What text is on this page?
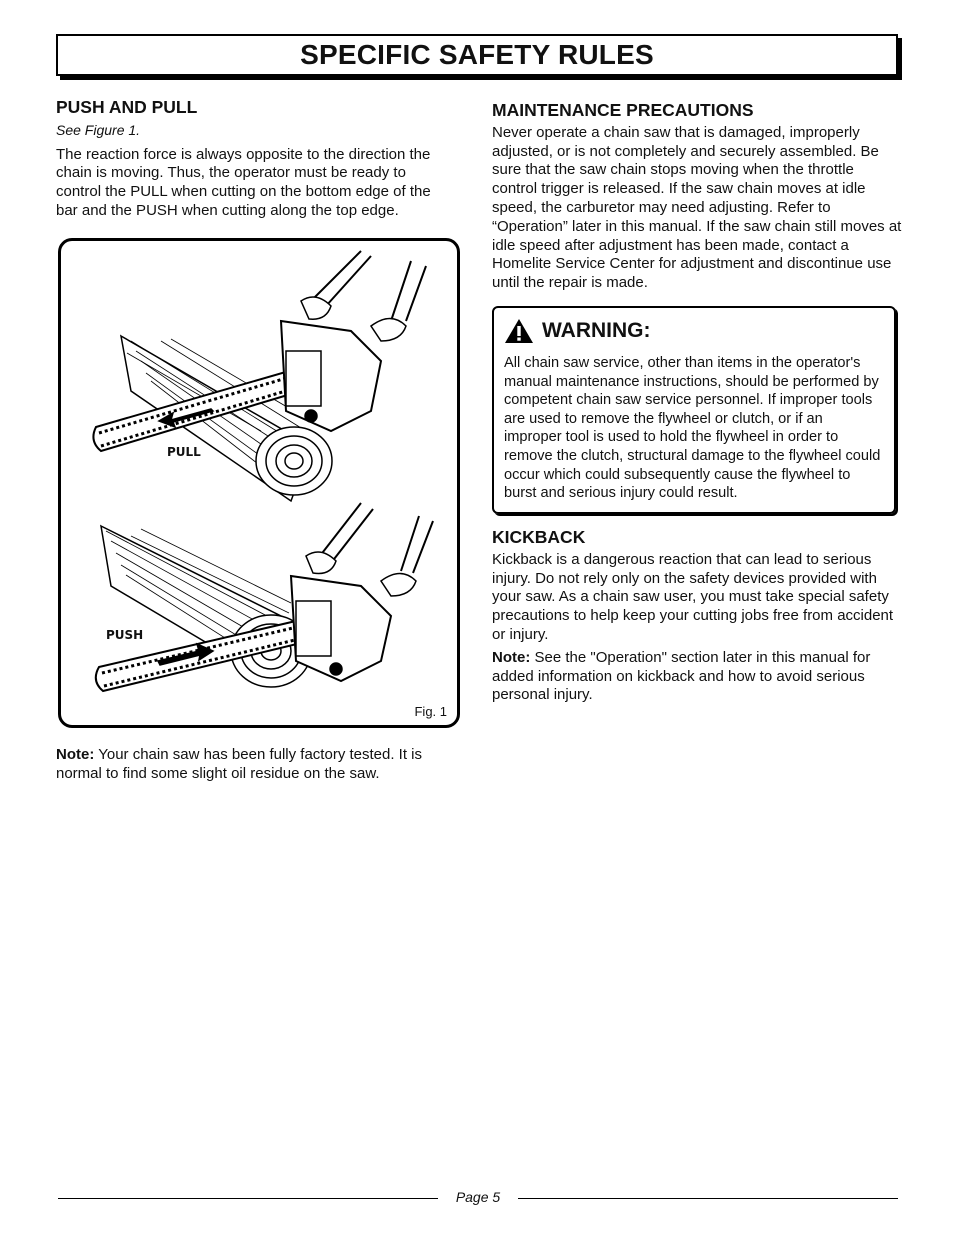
SPECIFIC SAFETY RULES
PUSH AND PULL

See Figure 1.

The reaction force is always opposite to the direction the chain is moving. Thus, the operator must be ready to control the PULL when cutting on the bottom edge of the bar and the PUSH when cutting along the top edge.

PULL
PUSH
Fig. 1
Note: Your chain saw has been fully factory tested. It is normal to find some slight oil residue on the saw.
MAINTENANCE PRECAUTIONS

Never operate a chain saw that is damaged, improperly adjusted, or is not completely and securely assembled. Be sure that the saw chain stops moving when the throttle control trigger is released. If the saw chain moves at idle speed, the carburetor may need adjusting. Refer to “Operation” later in this manual. If the saw chain still moves at idle speed after adjustment has been made, contact a Homelite Service Center for adjustment and discontinue use until the repair is made.

WARNING:

All chain saw service, other than items in the operator's manual maintenance instructions, should be performed by competent chain saw service personnel. If improper tools are used to remove the flywheel or clutch, or if an improper tool is used to hold the flywheel in order to remove the clutch, structural damage to the flywheel could occur which could subsequently cause the flywheel to burst and serious injury could result.

KICKBACK

Kickback is a dangerous reaction that can lead to serious injury. Do not rely only on the safety devices provided with your saw. As a chain saw user, you must take special safety precautions to help keep your cutting jobs free from accident or injury.

Note: See the "Operation" section later in this manual for added information on kickback and how to avoid serious personal injury.

Page 5
